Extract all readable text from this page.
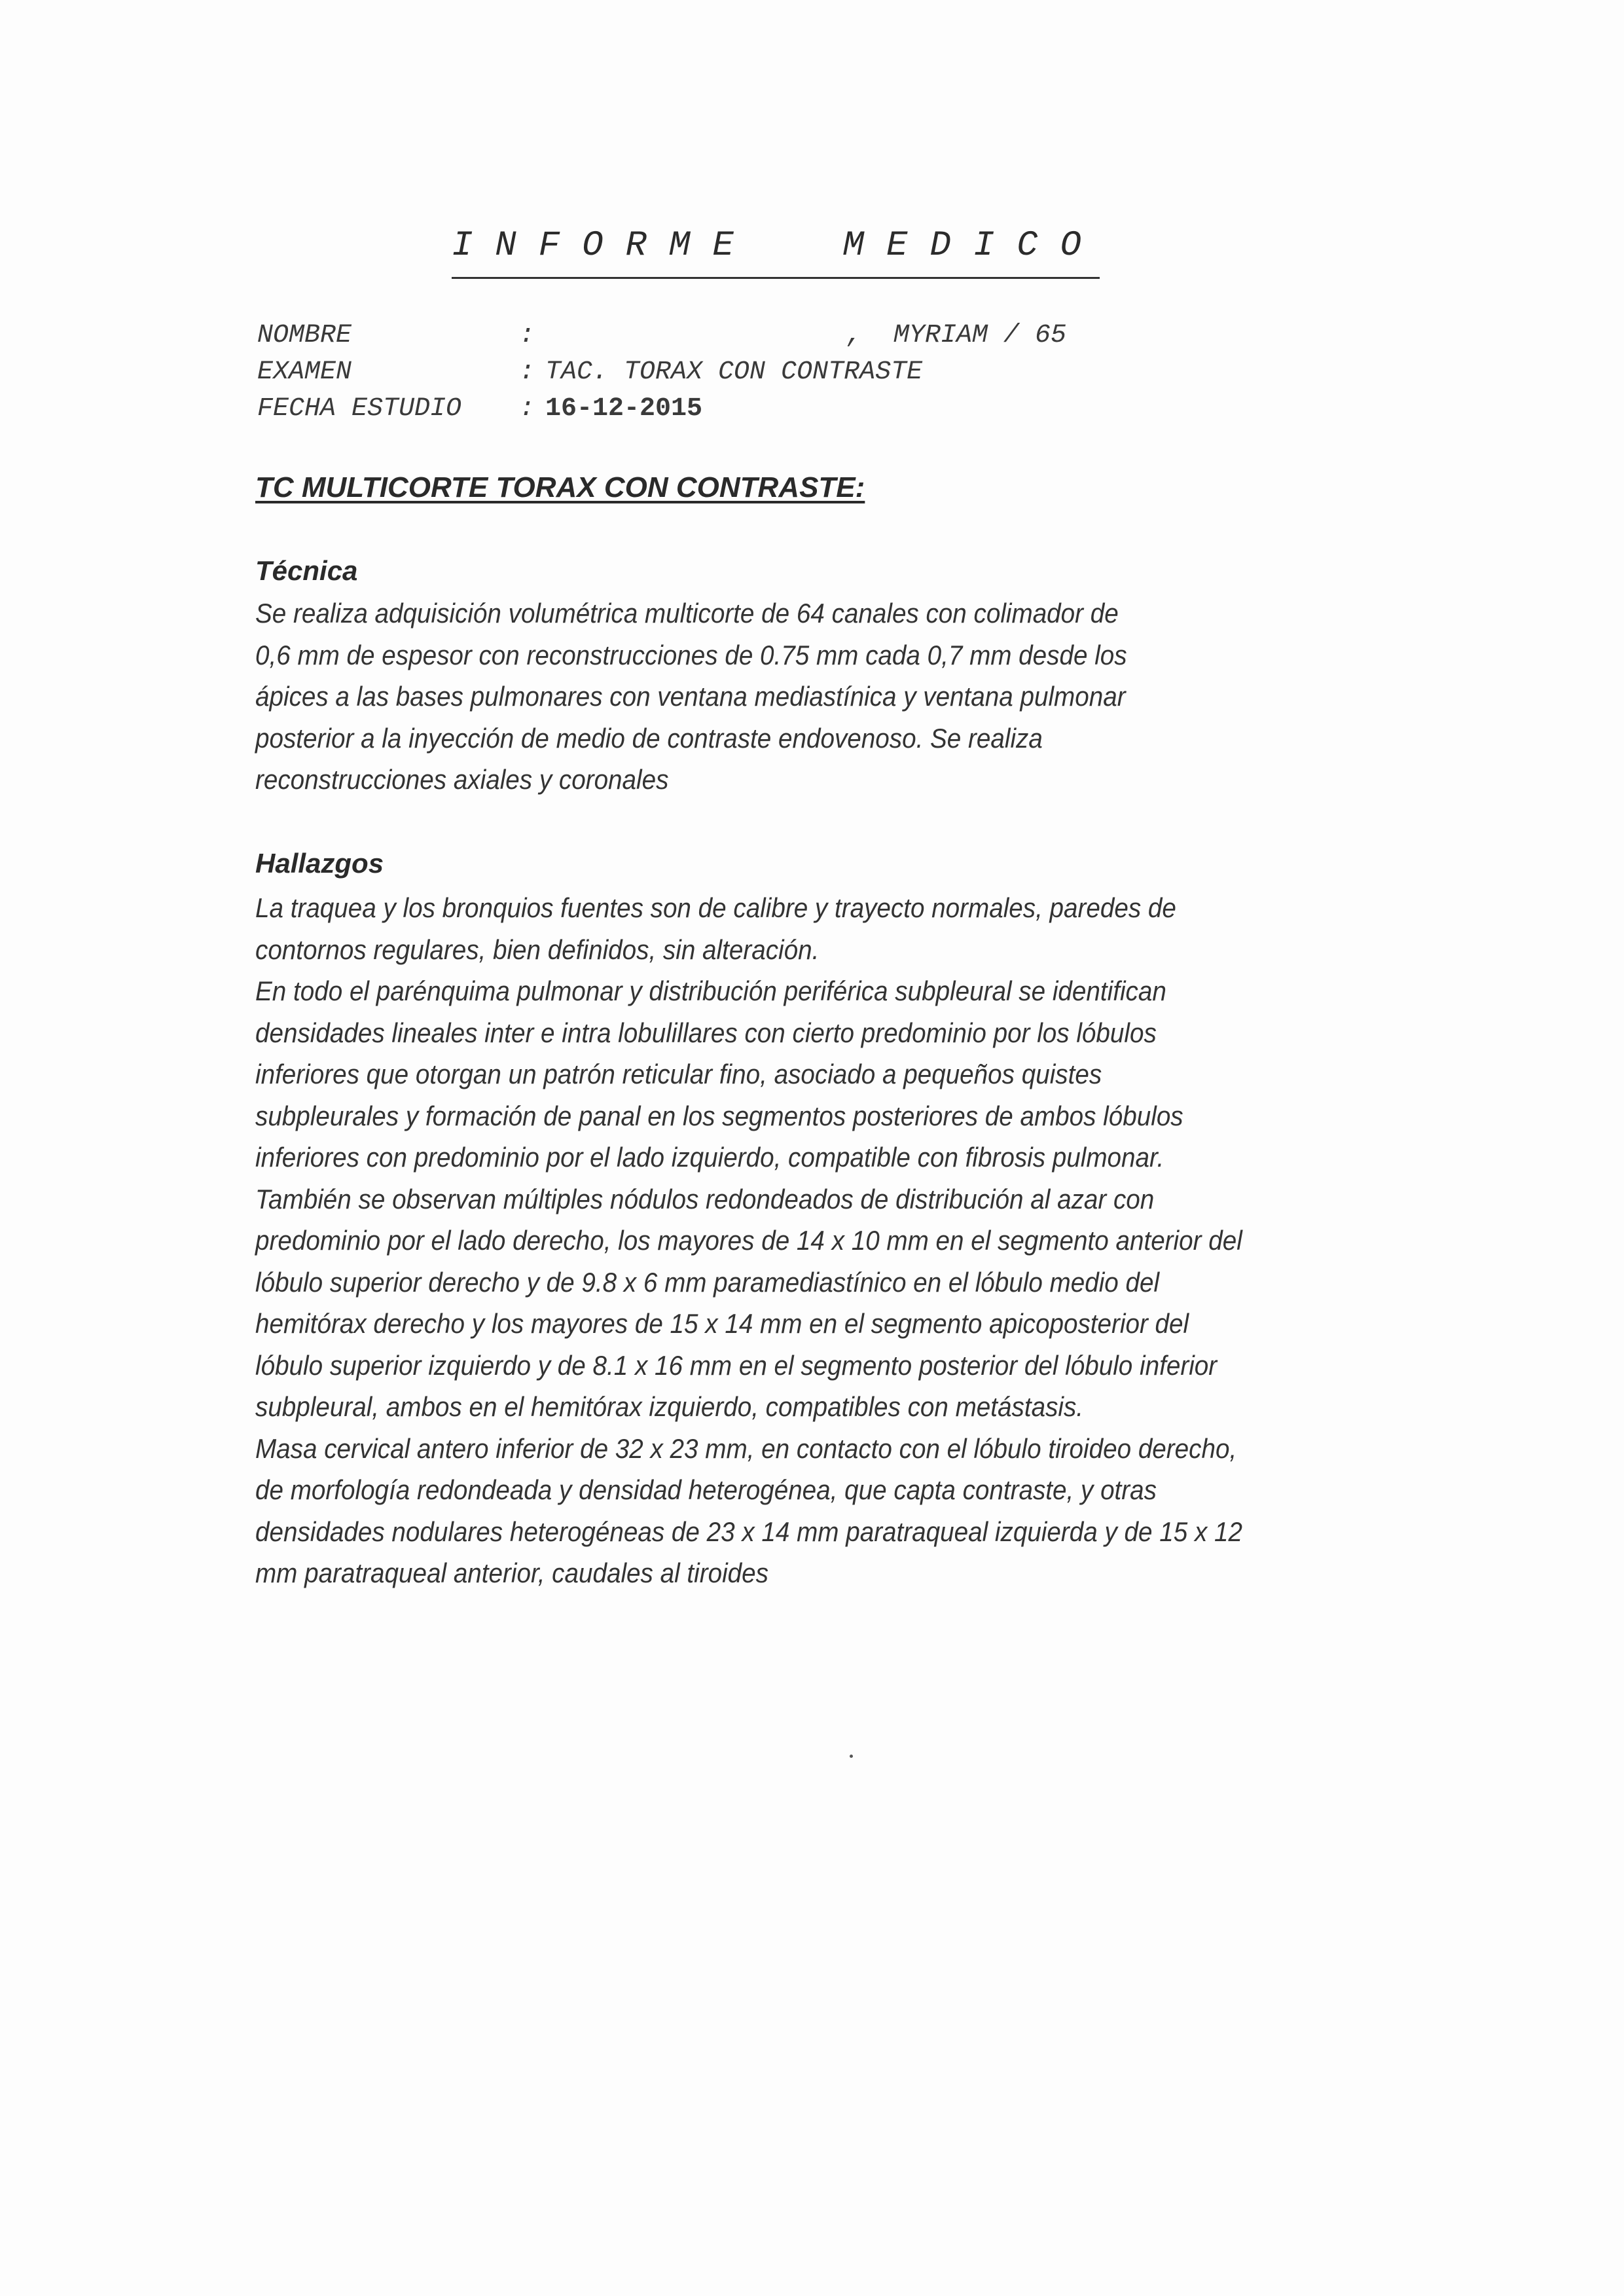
INFORME  MEDICO
NOMBRE	:	,  MYRIAM / 65
EXAMEN	: TAC. TORAX CON CONTRASTE
FECHA ESTUDIO : 16-12-2015
TC MULTICORTE TORAX CON CONTRASTE:
Técnica

Se realiza adquisición volumétrica multicorte de 64 canales con colimador de 0,6 mm de espesor con reconstrucciones de 0.75 mm cada 0,7 mm desde los ápices a las bases pulmonares con ventana mediastínica y ventana pulmonar posterior a la inyección de medio de contraste endovenoso. Se realiza reconstrucciones axiales y coronales

Hallazgos

La traquea y los bronquios fuentes son de calibre y trayecto normales, paredes de contornos regulares, bien definidos, sin alteración.

En todo el parénquima pulmonar y distribución periférica subpleural se identifican densidades lineales inter e intra lobulillares con cierto predominio por los lóbulos inferiores que otorgan un patrón reticular fino, asociado a pequeños quistes subpleurales y formación de panal en los segmentos posteriores de ambos lóbulos inferiores con predominio por el lado izquierdo, compatible con fibrosis pulmonar.

También se observan múltiples nódulos redondeados de distribución al azar con predominio por el lado derecho, los mayores de 14 x 10 mm en el segmento anterior del lóbulo superior derecho y de 9.8 x 6 mm paramediastínico en el lóbulo medio del hemitórax derecho y los mayores de 15 x 14 mm en el segmento apicoposterior del lóbulo superior izquierdo y de 8.1 x 16 mm en el segmento posterior del lóbulo inferior subpleural, ambos en el hemitórax izquierdo, compatibles con metástasis.

Masa cervical antero inferior de 32 x 23 mm, en contacto con el lóbulo tiroideo derecho, de morfología redondeada y densidad heterogénea, que capta contraste, y otras densidades nodulares heterogéneas de 23 x 14 mm paratraqueal izquierda y de 15 x 12 mm paratraqueal anterior, caudales al tiroides
